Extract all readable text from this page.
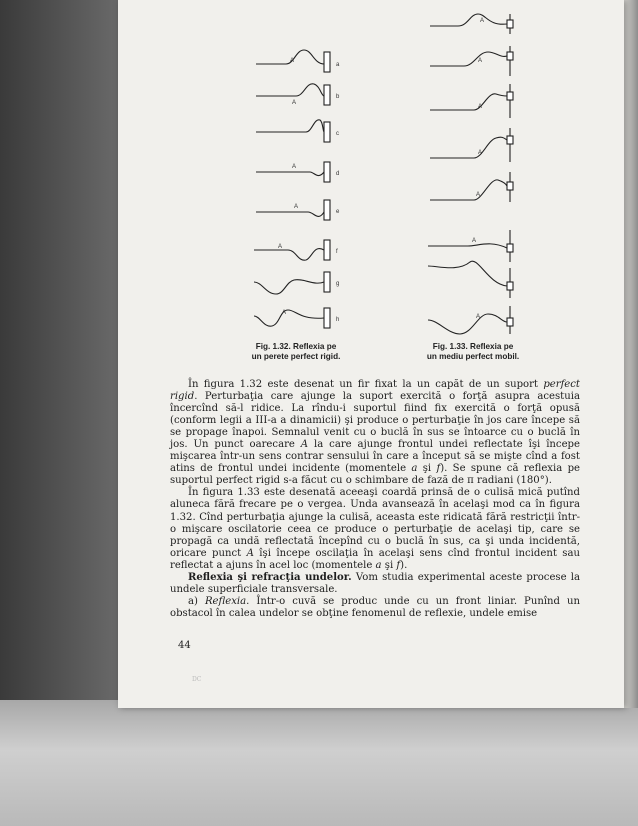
a
b
c
d
e
f
g
h
A
A
A
A
A
A
A
A
A
A
A
A
A
Fig. 1.32. Reflexia pe
un perete perfect rigid.
Fig. 1.33. Reflexia pe
un mediu perfect mobil.

În figura 1.32 este desenat un fir fixat la un capăt de un suport perfect rigid. Perturbaţia care ajunge la suport exercită o forţă asupra acestuia încercînd să-l ridice. La rîndu-i suportul fiind fix exercită o forţă opusă (conform legii a III-a a dinamicii) şi produce o perturbaţie în jos care începe să se propage înapoi. Semnalul venit cu o buclă în sus se întoarce cu o buclă în jos. Un punct oarecare A la care ajunge frontul undei reflectate îşi începe mişcarea într-un sens contrar sensului în care a început să se mişte cînd a fost atins de frontul undei incidente (momentele a şi f). Se spune că reflexia pe suportul perfect rigid s-a făcut cu o schimbare de fază de π radiani (180°).

În figura 1.33 este desenată aceeaşi coardă prinsă de o culisă mică putînd aluneca fără frecare pe o vergea. Unda avansează în acelaşi mod ca în figura 1.32. Cînd perturbaţia ajunge la culisă, aceasta este ridicată fără restricţii într-o mişcare oscilatorie ceea ce produce o perturbaţie de acelaşi tip, care se propagă ca undă reflectată începînd cu o buclă în sus, ca şi unda incidentă, oricare punct A îşi începe oscilaţia în acelaşi sens cînd frontul incident sau reflectat a ajuns în acel loc (momentele a şi f).

Reflexia şi refracţia undelor. Vom studia experimental aceste procese la undele superficiale transversale.

a) Reflexia. Într-o cuvă se produc unde cu un front liniar. Punînd un obstacol în calea undelor se obţine fenomenul de reflexie, undele emise

44
DC
